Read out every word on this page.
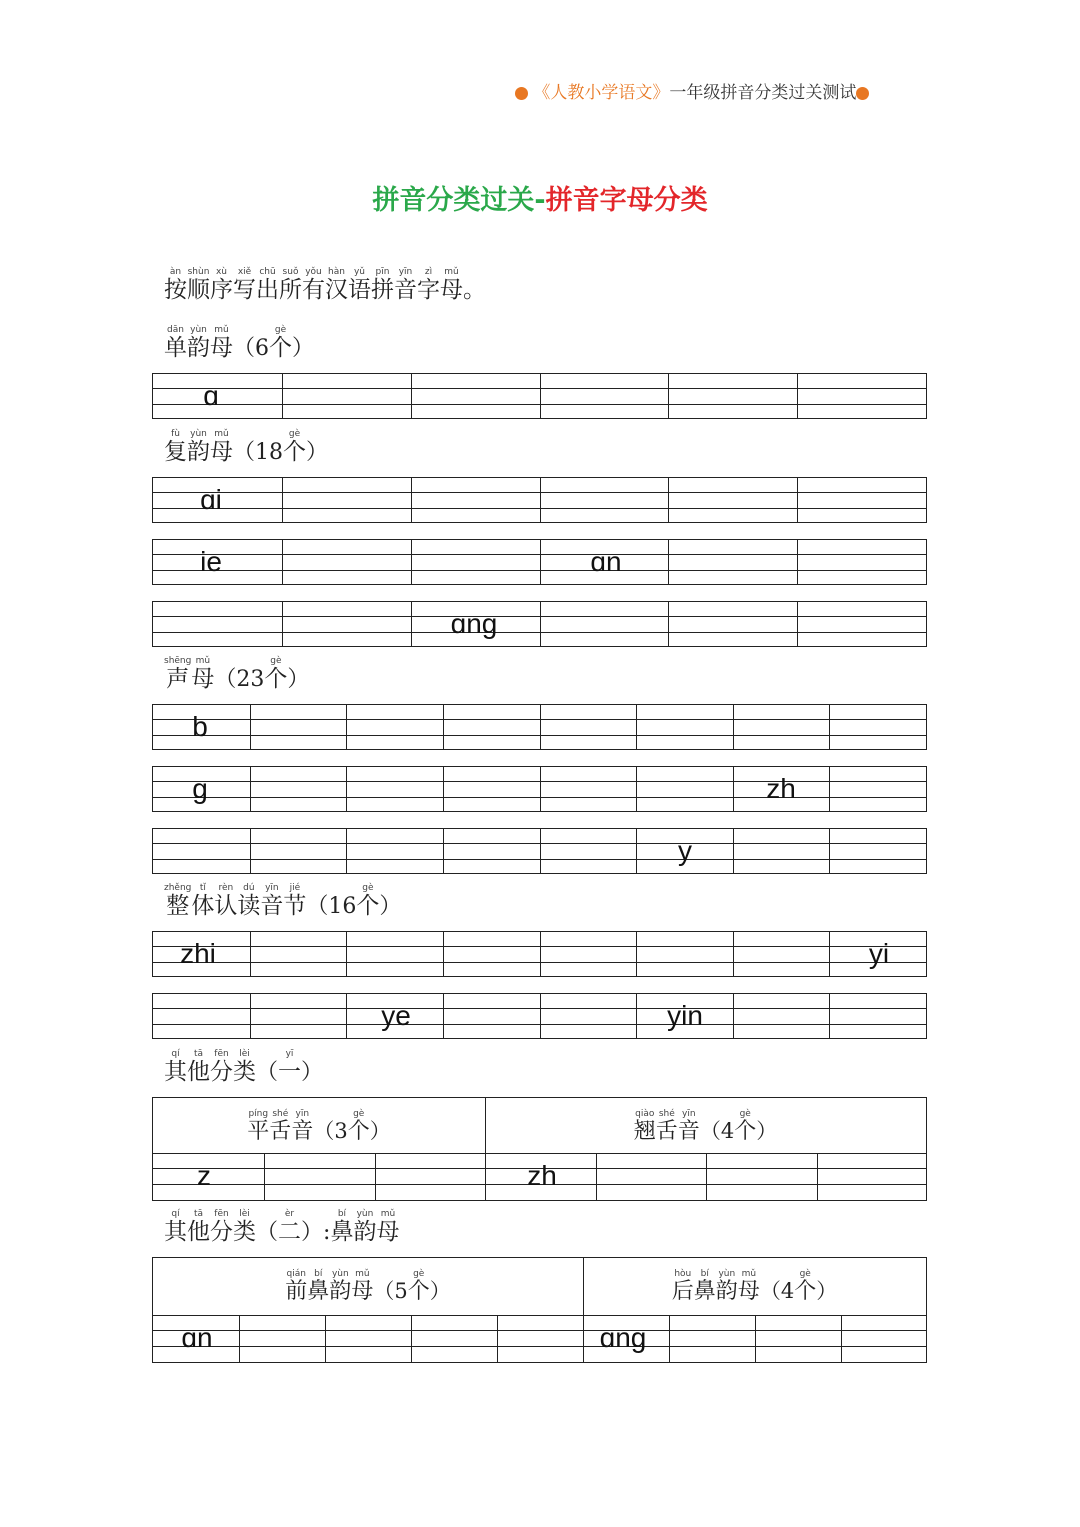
《人教小学语文》一年级拼音分类过关测试
拼音分类过关-拼音字母分类
按àn顺shùn序xù写xiě出chū所suǒ有yǒu汉hàn语yǔ拼pīn音yīn字zì母mǔ。
单dān韵yùn母mǔ（6个gè）
ɑ
复fù韵yùn母mǔ（18个gè）
ɑi
ie	ɑn
ɑng
声shēng母mǔ（23个gè）
b
g	zh
y
整zhěng体tǐ认rèn读dú音yīn节jié（16个gè）
zhi	yi
ye	yin
其qí他tā分fēn类lèi（一yī）
平píng舌shé音yīn（3个gè）	翘qiào舌shé音yīn（4个gè）
z	zh
其qí他tā分fēn类lèi（二èr）:鼻bí韵yùn母mǔ
前qián鼻bí韵yùn母mǔ（5个gè）	后hòu鼻bí韵yùn母mǔ（4个gè）
ɑn	ɑng
